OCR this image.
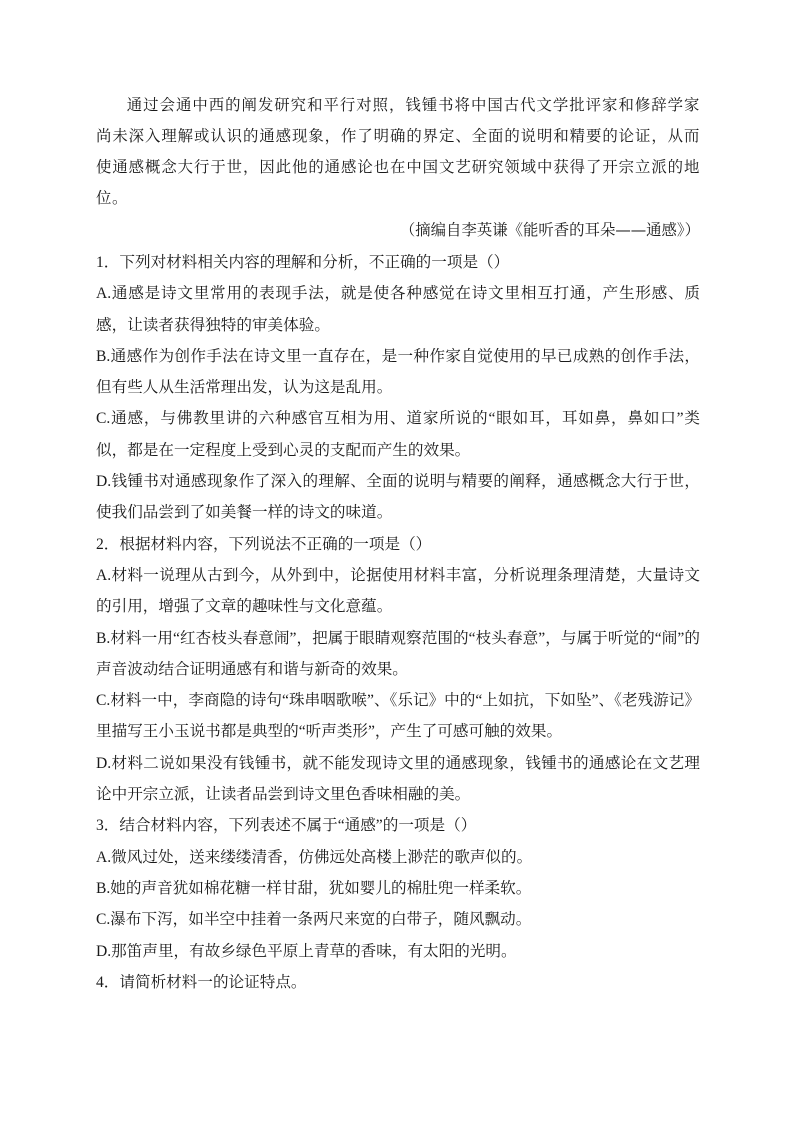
通过会通中西的阐发研究和平行对照，钱锺书将中国古代文学批评家和修辞学家尚未深入理解或认识的通感现象，作了明确的界定、全面的说明和精要的论证，从而使通感概念大行于世，因此他的通感论也在中国文艺研究领域中获得了开宗立派的地位。

（摘编自李英谦《能听香的耳朵——通感》）

1．下列对材料相关内容的理解和分析，不正确的一项是（）

A.通感是诗文里常用的表现手法，就是使各种感觉在诗文里相互打通，产生形感、质感，让读者获得独特的审美体验。

B.通感作为创作手法在诗文里一直存在，是一种作家自觉使用的早已成熟的创作手法，但有些人从生活常理出发，认为这是乱用。

C.通感，与佛教里讲的六种感官互相为用、道家所说的“眼如耳，耳如鼻，鼻如口”类似，都是在一定程度上受到心灵的支配而产生的效果。

D.钱锺书对通感现象作了深入的理解、全面的说明与精要的阐释，通感概念大行于世，使我们品尝到了如美餐一样的诗文的味道。

2．根据材料内容，下列说法不正确的一项是（）

A.材料一说理从古到今，从外到中，论据使用材料丰富，分析说理条理清楚，大量诗文的引用，增强了文章的趣味性与文化意蕴。

B.材料一用“红杏枝头春意闹”，把属于眼睛观察范围的“枝头春意”，与属于听觉的“闹”的声音波动结合证明通感有和谐与新奇的效果。

C.材料一中，李商隐的诗句“珠串咽歌喉”、《乐记》中的“上如抗，下如坠”、《老残游记》里描写王小玉说书都是典型的“听声类形”，产生了可感可触的效果。

D.材料二说如果没有钱锺书，就不能发现诗文里的通感现象，钱锺书的通感论在文艺理论中开宗立派，让读者品尝到诗文里色香味相融的美。

3．结合材料内容，下列表述不属于“通感”的一项是（）

A.微风过处，送来缕缕清香，仿佛远处高楼上渺茫的歌声似的。

B.她的声音犹如棉花糖一样甘甜，犹如婴儿的棉肚兜一样柔软。

C.瀑布下泻，如半空中挂着一条两尺来宽的白带子，随风飘动。

D.那笛声里，有故乡绿色平原上青草的香味，有太阳的光明。

4．请简析材料一的论证特点。
